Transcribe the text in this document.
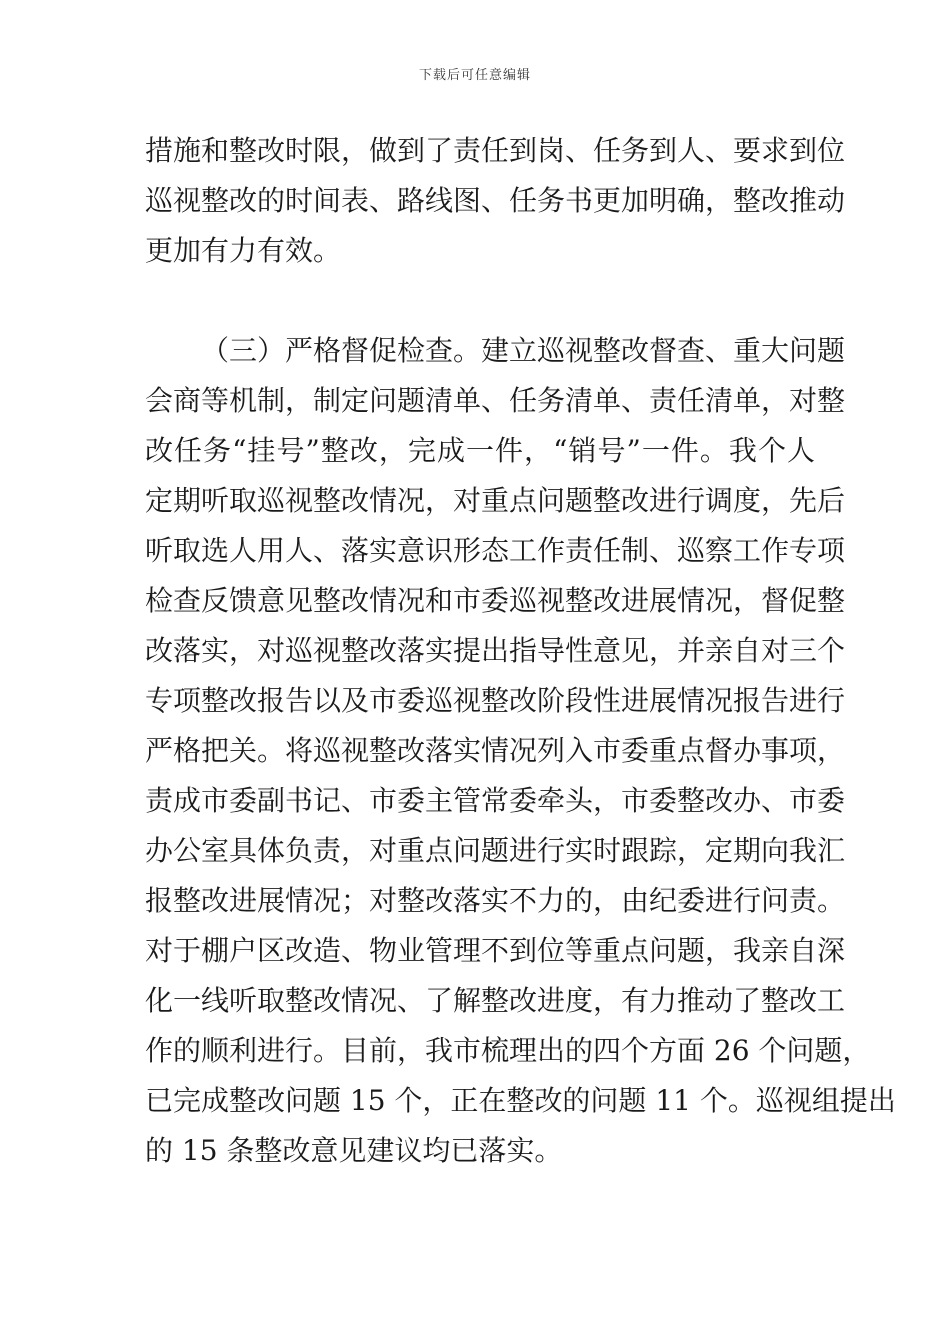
下载后可任意编辑
措施和整改时限，做到了责任到岗、任务到人、要求到位
巡视整改的时间表、路线图、任务书更加明确，整改推动
更加有力有效。
（三）严格督促检查。建立巡视整改督查、重大问题
会商等机制，制定问题清单、任务清单、责任清单，对整
改任务“挂号”整改，完成一件，“销号”一件。我个人
定期听取巡视整改情况，对重点问题整改进行调度，先后
听取选人用人、落实意识形态工作责任制、巡察工作专项
检查反馈意见整改情况和市委巡视整改进展情况，督促整
改落实，对巡视整改落实提出指导性意见，并亲自对三个
专项整改报告以及市委巡视整改阶段性进展情况报告进行
严格把关。将巡视整改落实情况列入市委重点督办事项，
责成市委副书记、市委主管常委牵头，市委整改办、市委
办公室具体负责，对重点问题进行实时跟踪，定期向我汇
报整改进展情况；对整改落实不力的，由纪委进行问责。
对于棚户区改造、物业管理不到位等重点问题，我亲自深
化一线听取整改情况、了解整改进度，有力推动了整改工
作的顺利进行。目前，我市梳理出的四个方面 26 个问题，
已完成整改问题 15 个，正在整改的问题 11 个。巡视组提出
的 15 条整改意见建议均已落实。
